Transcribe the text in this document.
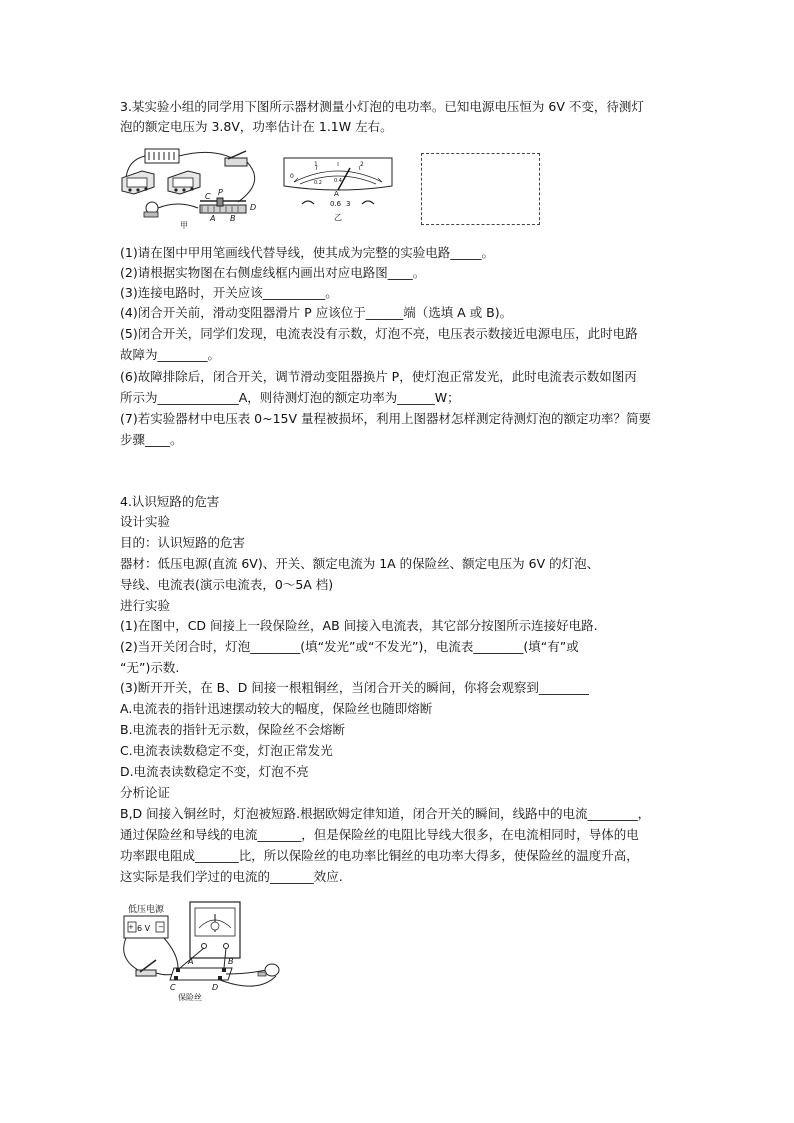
3.某实验小组的同学用下图所示器材测量小灯泡的电功率。已知电源电压恒为 6V 不变，待测灯
泡的额定电压为 3.8V，功率估计在 1.1W 左右。
C P
A B
D
甲
0
1	2
0.2 0.4
A
0.6 3
乙
(1)请在图中甲用笔画线代替导线，使其成为完整的实验电路_____。
(2)请根据实物图在右侧虚线框内画出对应电路图____。
(3)连接电路时，开关应该__________。
(4)闭合开关前，滑动变阻器滑片 P 应该位于______端（选填 A 或 B)。
(5)闭合开关，同学们发现，电流表没有示数，灯泡不亮，电压表示数接近电源电压，此时电路
故障为________。
(6)故障排除后，闭合开关，调节滑动变阻器换片 P，使灯泡正常发光，此时电流表示数如图丙
所示为_____________A，则待测灯泡的额定功率为______W；
(7)若实验器材中电压表 0~15V 量程被损坏，利用上图器材怎样测定待测灯泡的额定功率？简要
步骤____。
4.认识短路的危害
设计实验
目的：认识短路的危害
器材：低压电源(直流 6V)、开关、额定电流为 1A 的保险丝、额定电压为 6V 的灯泡、
导线、电流表(演示电流表，0～5A 档)
进行实验
(1)在图中，CD 间接上一段保险丝，AB 间接入电流表，其它部分按图所示连接好电路.
(2)当开关闭合时，灯泡________(填“发光”或“不发光”)，电流表________(填“有”或
“无”)示数.
(3)断开开关，在 B、D 间接一根粗铜丝，当闭合开关的瞬间，你将会观察到________
A.电流表的指针迅速摆动较大的幅度，保险丝也随即熔断
B.电流表的指针无示数，保险丝不会熔断
C.电流表读数稳定不变，灯泡正常发光
D.电流表读数稳定不变，灯泡不亮
分析论证
B,D 间接入铜丝时，灯泡被短路.根据欧姆定律知道，闭合开关的瞬间，线路中的电流________，
通过保险丝和导线的电流_______，但是保险丝的电阻比导线大很多，在电流相同时，导体的电
功率跟电阻成_______比，所以保险丝的电功率比铜丝的电功率大得多，使保险丝的温度升高，
这实际是我们学过的电流的_______效应.
低压电源
6 V
+	−
A	B
C	D
保险丝
